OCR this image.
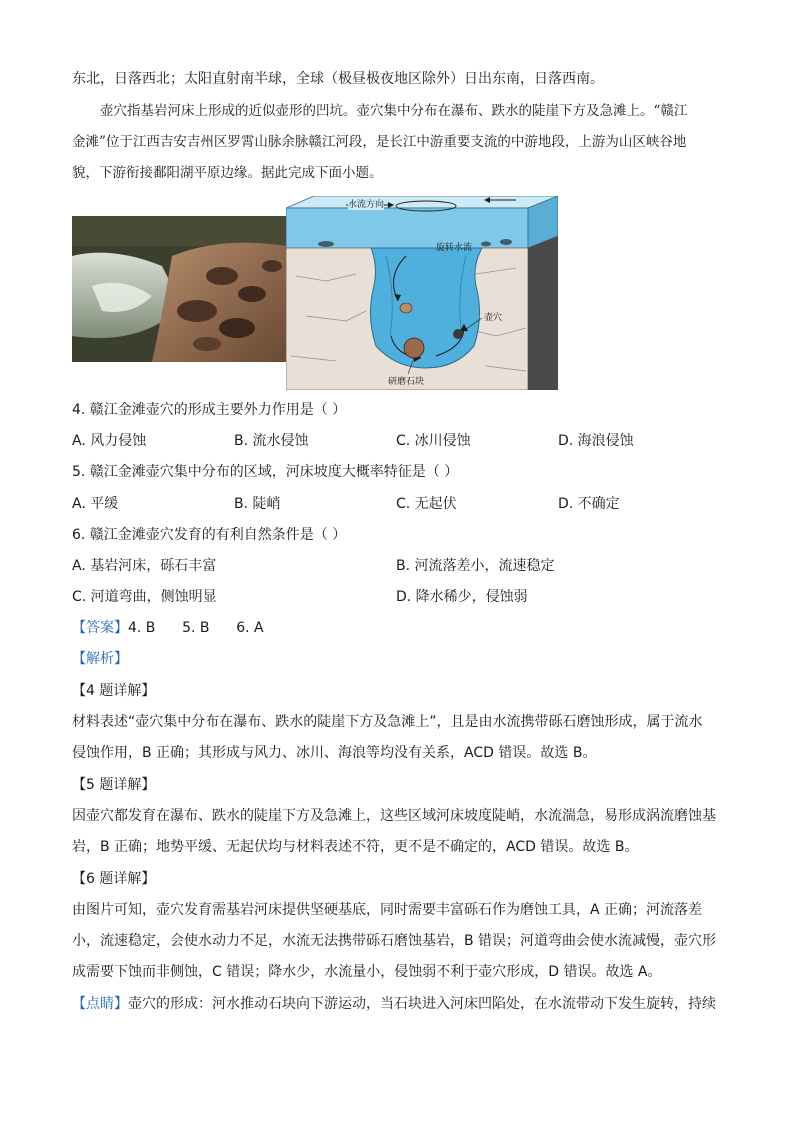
东北，日落西北；太阳直射南半球，全球（极昼极夜地区除外）日出东南，日落西南。
壶穴指基岩河床上形成的近似壶形的凹坑。壶穴集中分布在瀑布、跌水的陡崖下方及急滩上。“赣江
金滩”位于江西吉安吉州区罗霄山脉余脉赣江河段，是长江中游重要支流的中游地段，上游为山区峡谷地
貌，下游衔接鄱阳湖平原边缘。据此完成下面小题。
水流方向
旋转水流
壶穴
研磨石块
4. 赣江金滩壶穴的形成主要外力作用是（ ）
A. 风力侵蚀	B. 流水侵蚀	C. 冰川侵蚀	D. 海浪侵蚀
5. 赣江金滩壶穴集中分布的区域，河床坡度大概率特征是（ ）
A. 平缓	B. 陡峭	C. 无起伏	D. 不确定
6. 赣江金滩壶穴发育的有利自然条件是（ ）
A. 基岩河床，砾石丰富	B. 河流落差小，流速稳定
C. 河道弯曲，侧蚀明显	D. 降水稀少，侵蚀弱
【答案】4. B      5. B      6. A
【解析】
【4 题详解】
材料表述“壶穴集中分布在瀑布、跌水的陡崖下方及急滩上”，且是由水流携带砾石磨蚀形成，属于流水
侵蚀作用，B 正确；其形成与风力、冰川、海浪等均没有关系，ACD 错误。故选 B。
【5 题详解】
因壶穴都发育在瀑布、跌水的陡崖下方及急滩上，这些区域河床坡度陡峭，水流湍急，易形成涡流磨蚀基
岩，B 正确；地势平缓、无起伏均与材料表述不符，更不是不确定的，ACD 错误。故选 B。
【6 题详解】
由图片可知，壶穴发育需基岩河床提供坚硬基底，同时需要丰富砾石作为磨蚀工具，A 正确；河流落差
小，流速稳定，会使水动力不足，水流无法携带砾石磨蚀基岩，B 错误；河道弯曲会使水流减慢，壶穴形
成需要下蚀而非侧蚀，C 错误；降水少，水流量小，侵蚀弱不利于壶穴形成，D 错误。故选 A。
【点睛】壶穴的形成：河水推动石块向下游运动，当石块进入河床凹陷处，在水流带动下发生旋转，持续
